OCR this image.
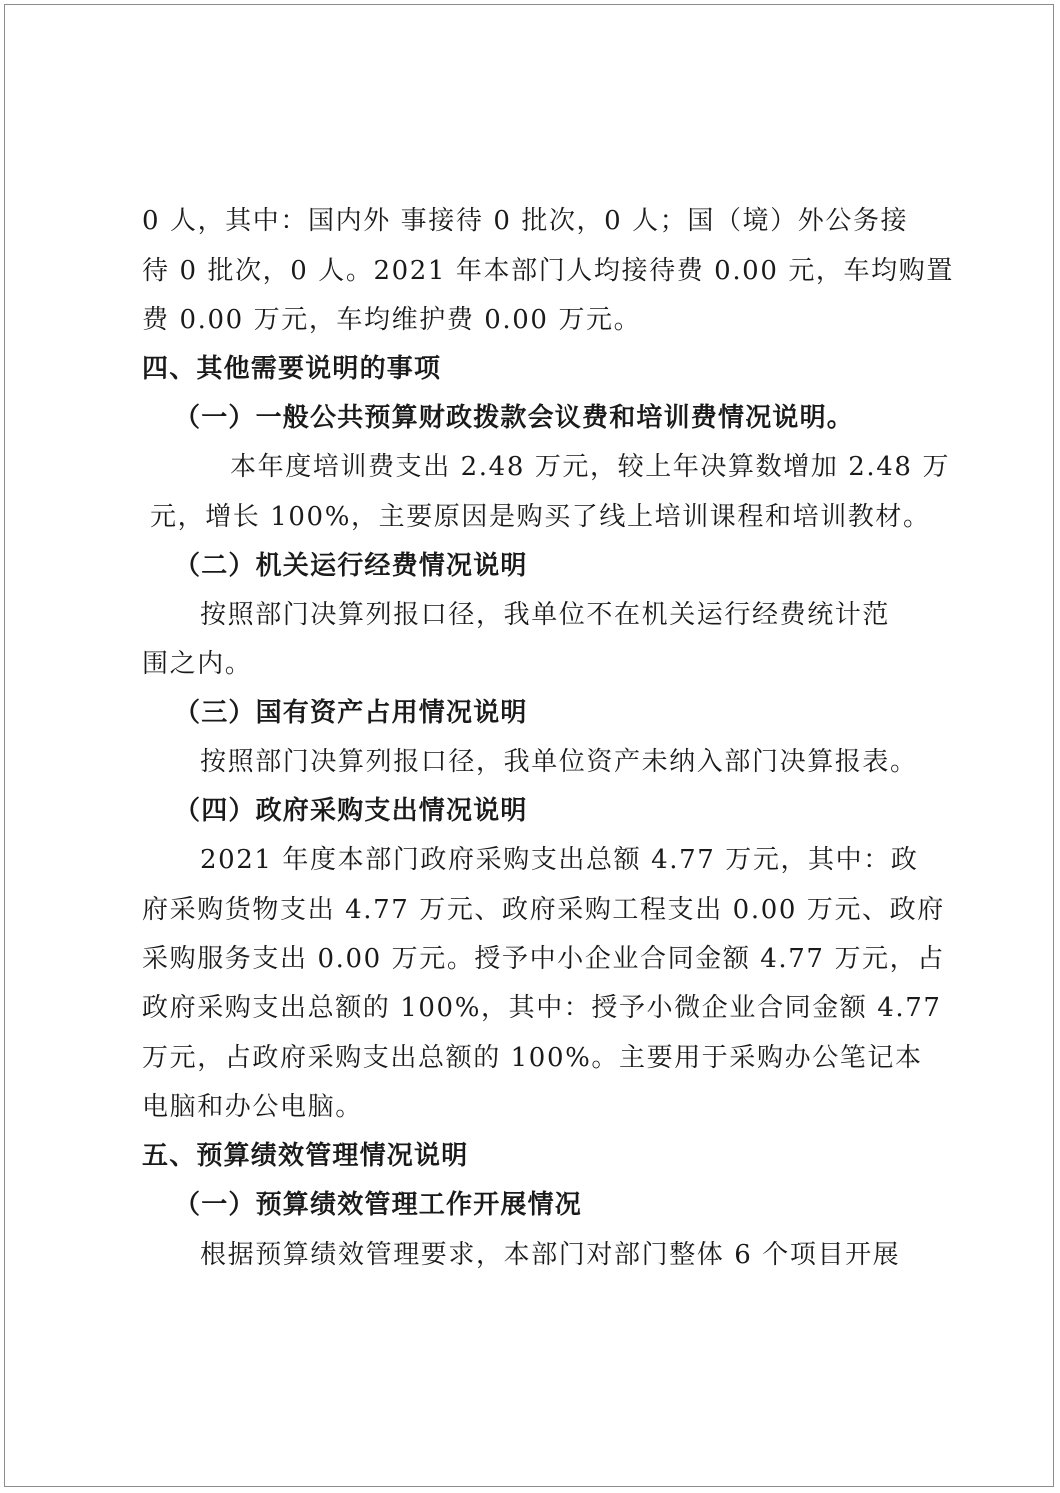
0 人，其中：国内外 事接待 0 批次，0 人；国（境）外公务接
待 0 批次，0 人。2021 年本部门人均接待费 0.00 元，车均购置
费 0.00 万元，车均维护费 0.00 万元。
四、其他需要说明的事项
（一）一般公共预算财政拨款会议费和培训费情况说明。
本年度培训费支出 2.48 万元，较上年决算数增加 2.48 万
元，增长 100%，主要原因是购买了线上培训课程和培训教材。
（二）机关运行经费情况说明
按照部门决算列报口径，我单位不在机关运行经费统计范
围之内。
（三）国有资产占用情况说明
按照部门决算列报口径，我单位资产未纳入部门决算报表。
（四）政府采购支出情况说明
2021 年度本部门政府采购支出总额 4.77 万元，其中：政
府采购货物支出 4.77 万元、政府采购工程支出 0.00 万元、政府
采购服务支出 0.00 万元。授予中小企业合同金额 4.77 万元，占
政府采购支出总额的 100%，其中：授予小微企业合同金额 4.77
万元，占政府采购支出总额的 100%。主要用于采购办公笔记本
电脑和办公电脑。
五、预算绩效管理情况说明
（一）预算绩效管理工作开展情况
根据预算绩效管理要求，本部门对部门整体 6 个项目开展
